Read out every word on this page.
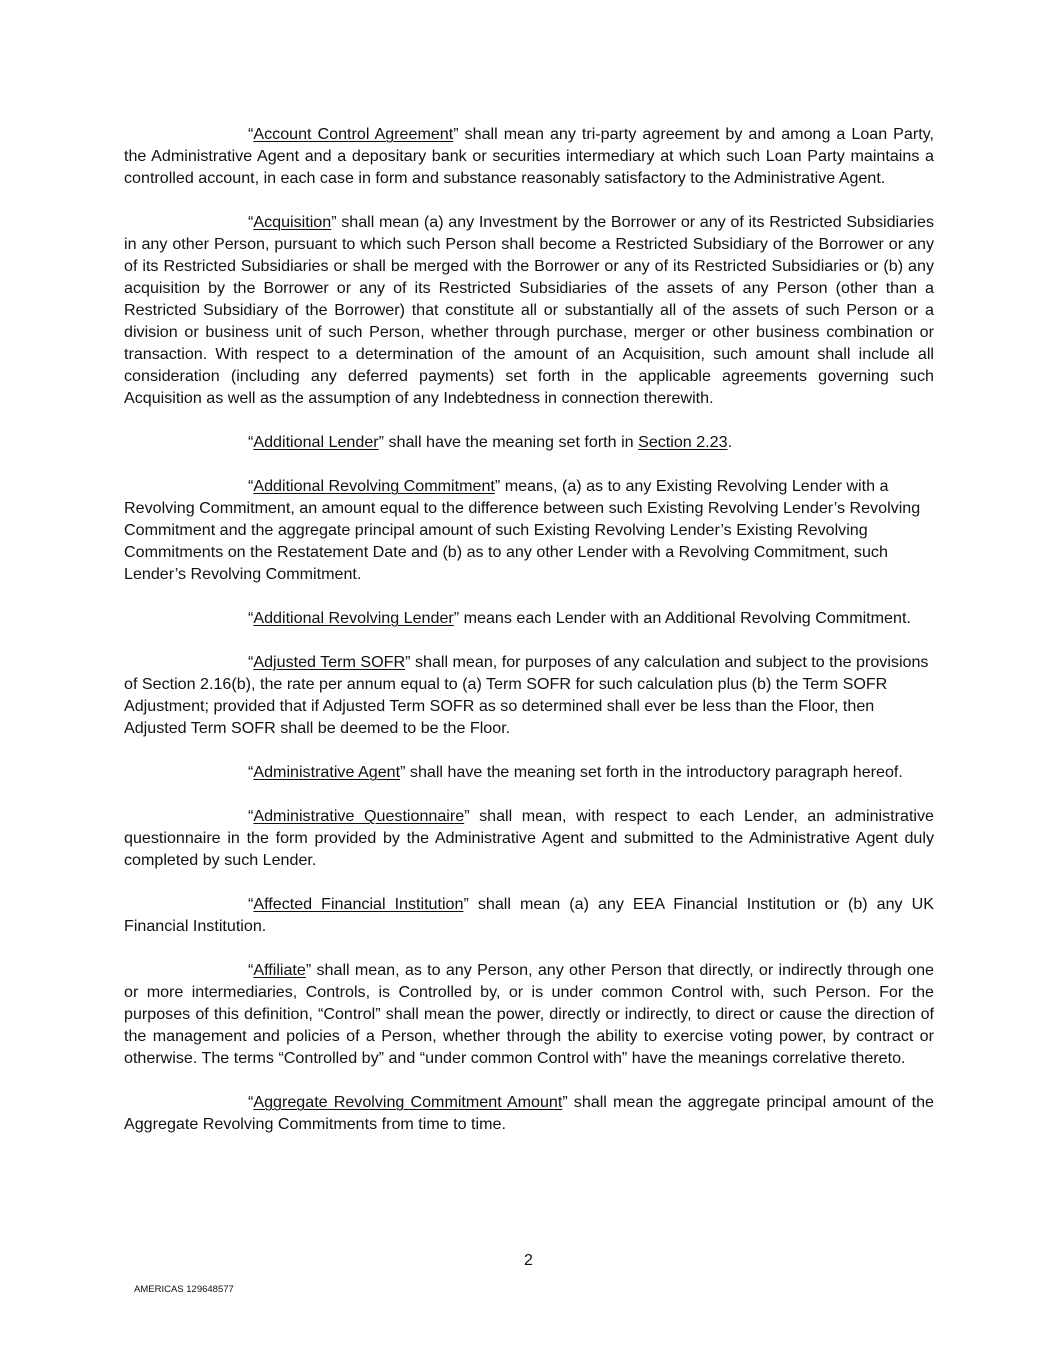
“Account Control Agreement” shall mean any tri-party agreement by and among a Loan Party, the Administrative Agent and a depositary bank or securities intermediary at which such Loan Party maintains a controlled account, in each case in form and substance reasonably satisfactory to the Administrative Agent.

“Acquisition” shall mean (a) any Investment by the Borrower or any of its Restricted Subsidiaries in any other Person, pursuant to which such Person shall become a Restricted Subsidiary of the Borrower or any of its Restricted Subsidiaries or shall be merged with the Borrower or any of its Restricted Subsidiaries or (b) any acquisition by the Borrower or any of its Restricted Subsidiaries of the assets of any Person (other than a Restricted Subsidiary of the Borrower) that constitute all or substantially all of the assets of such Person or a division or business unit of such Person, whether through purchase, merger or other business combination or transaction. With respect to a determination of the amount of an Acquisition, such amount shall include all consideration (including any deferred payments) set forth in the applicable agreements governing such Acquisition as well as the assumption of any Indebtedness in connection therewith.

“Additional Lender” shall have the meaning set forth in Section 2.23.

“Additional Revolving Commitment” means, (a) as to any Existing Revolving Lender with a Revolving Commitment, an amount equal to the difference between such Existing Revolving Lender’s Revolving Commitment and the aggregate principal amount of such Existing Revolving Lender’s Existing Revolving Commitments on the Restatement Date and (b) as to any other Lender with a Revolving Commitment, such Lender’s Revolving Commitment.

“Additional Revolving Lender” means each Lender with an Additional Revolving Commitment.

“Adjusted Term SOFR” shall mean, for purposes of any calculation and subject to the provisions of Section 2.16(b), the rate per annum equal to (a) Term SOFR for such calculation plus (b) the Term SOFR Adjustment; provided that if Adjusted Term SOFR as so determined shall ever be less than the Floor, then Adjusted Term SOFR shall be deemed to be the Floor.

“Administrative Agent” shall have the meaning set forth in the introductory paragraph hereof.

“Administrative Questionnaire” shall mean, with respect to each Lender, an administrative questionnaire in the form provided by the Administrative Agent and submitted to the Administrative Agent duly completed by such Lender.

“Affected Financial Institution” shall mean (a) any EEA Financial Institution or (b) any UK Financial Institution.

“Affiliate” shall mean, as to any Person, any other Person that directly, or indirectly through one or more intermediaries, Controls, is Controlled by, or is under common Control with, such Person. For the purposes of this definition, “Control” shall mean the power, directly or indirectly, to direct or cause the direction of the management and policies of a Person, whether through the ability to exercise voting power, by contract or otherwise. The terms “Controlled by” and “under common Control with” have the meanings correlative thereto.

“Aggregate Revolving Commitment Amount” shall mean the aggregate principal amount of the Aggregate Revolving Commitments from time to time.

2
AMERICAS 129648577
